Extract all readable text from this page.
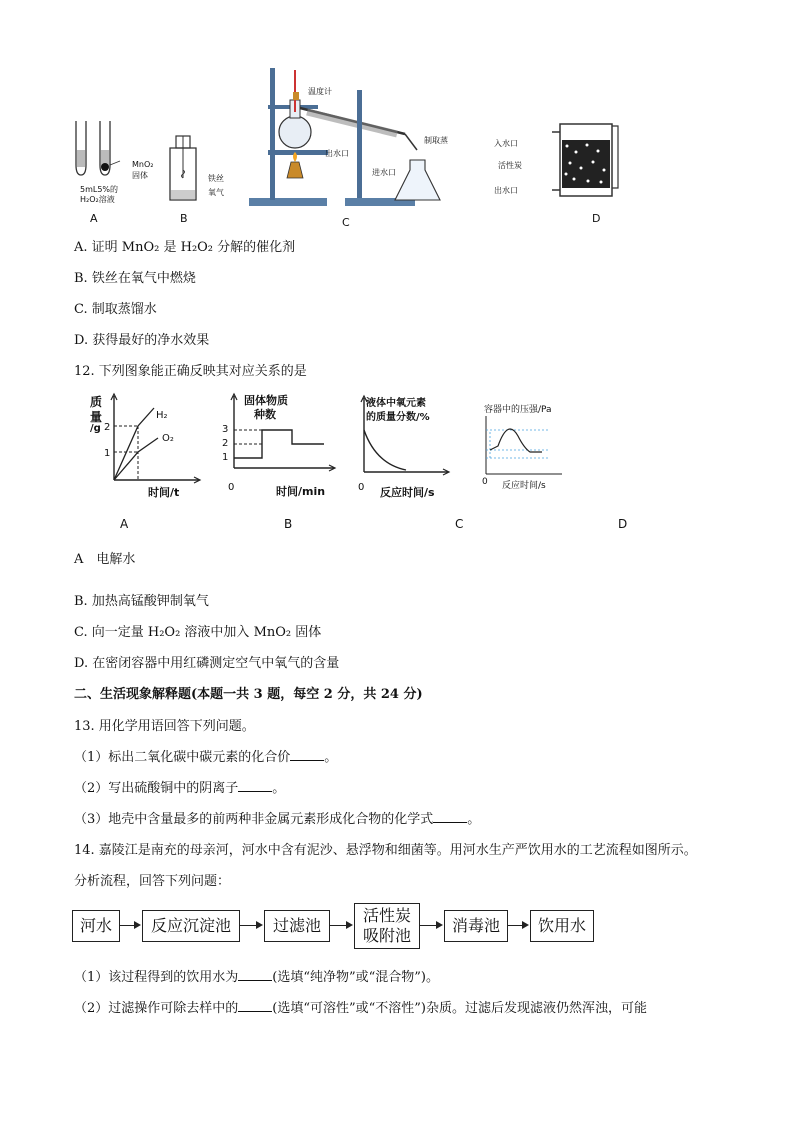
MnO₂
固体
5mL5%的
H₂O₂溶液
A
铁丝
氧气
B
温度计
出水口
进水口
制取蒸
C
入水口
活性炭
出水口
D
A. 证明 MnO₂ 是 H₂O₂ 分解的催化剂
B. 铁丝在氧气中燃烧
C. 制取蒸馏水
D. 获得最好的净水效果
12. 下列图象能正确反映其对应关系的是
质
量
/g 2
1
H₂
O₂
时间/t
固体物质
种数
3
2
1
0	时间/min
液体中氧元素
的质量分数/%
0 反应时间/s
容器中的压强/Pa
0 反应时间/s
A	B	C	D
A　电解水
B. 加热高锰酸钾制氧气
C. 向一定量 H₂O₂ 溶液中加入 MnO₂ 固体
D. 在密闭容器中用红磷测定空气中氧气的含量
二、生活现象解释题(本题一共 3 题，每空 2 分，共 24 分)
13. 用化学用语回答下列问题。
（1）标出二氧化碳中碳元素的化合价	。
（2）写出硫酸铜中的阴离子	。
（3）地壳中含量最多的前两种非金属元素形成化合物的化学式	。
14. 嘉陵江是南充的母亲河，河水中含有泥沙、悬浮物和细菌等。用河水生产严饮用水的工艺流程如图所示。
分析流程，回答下列问题：
河水	反应沉淀池	过滤池
活性炭
吸附池
消毒池	饮用水
（1）该过程得到的饮用水为	(选填“纯净物”或“混合物”)。
（2）过滤操作可除去样中的	(选填“可溶性”或“不溶性”)杂质。过滤后发现滤液仍然浑浊，可能
